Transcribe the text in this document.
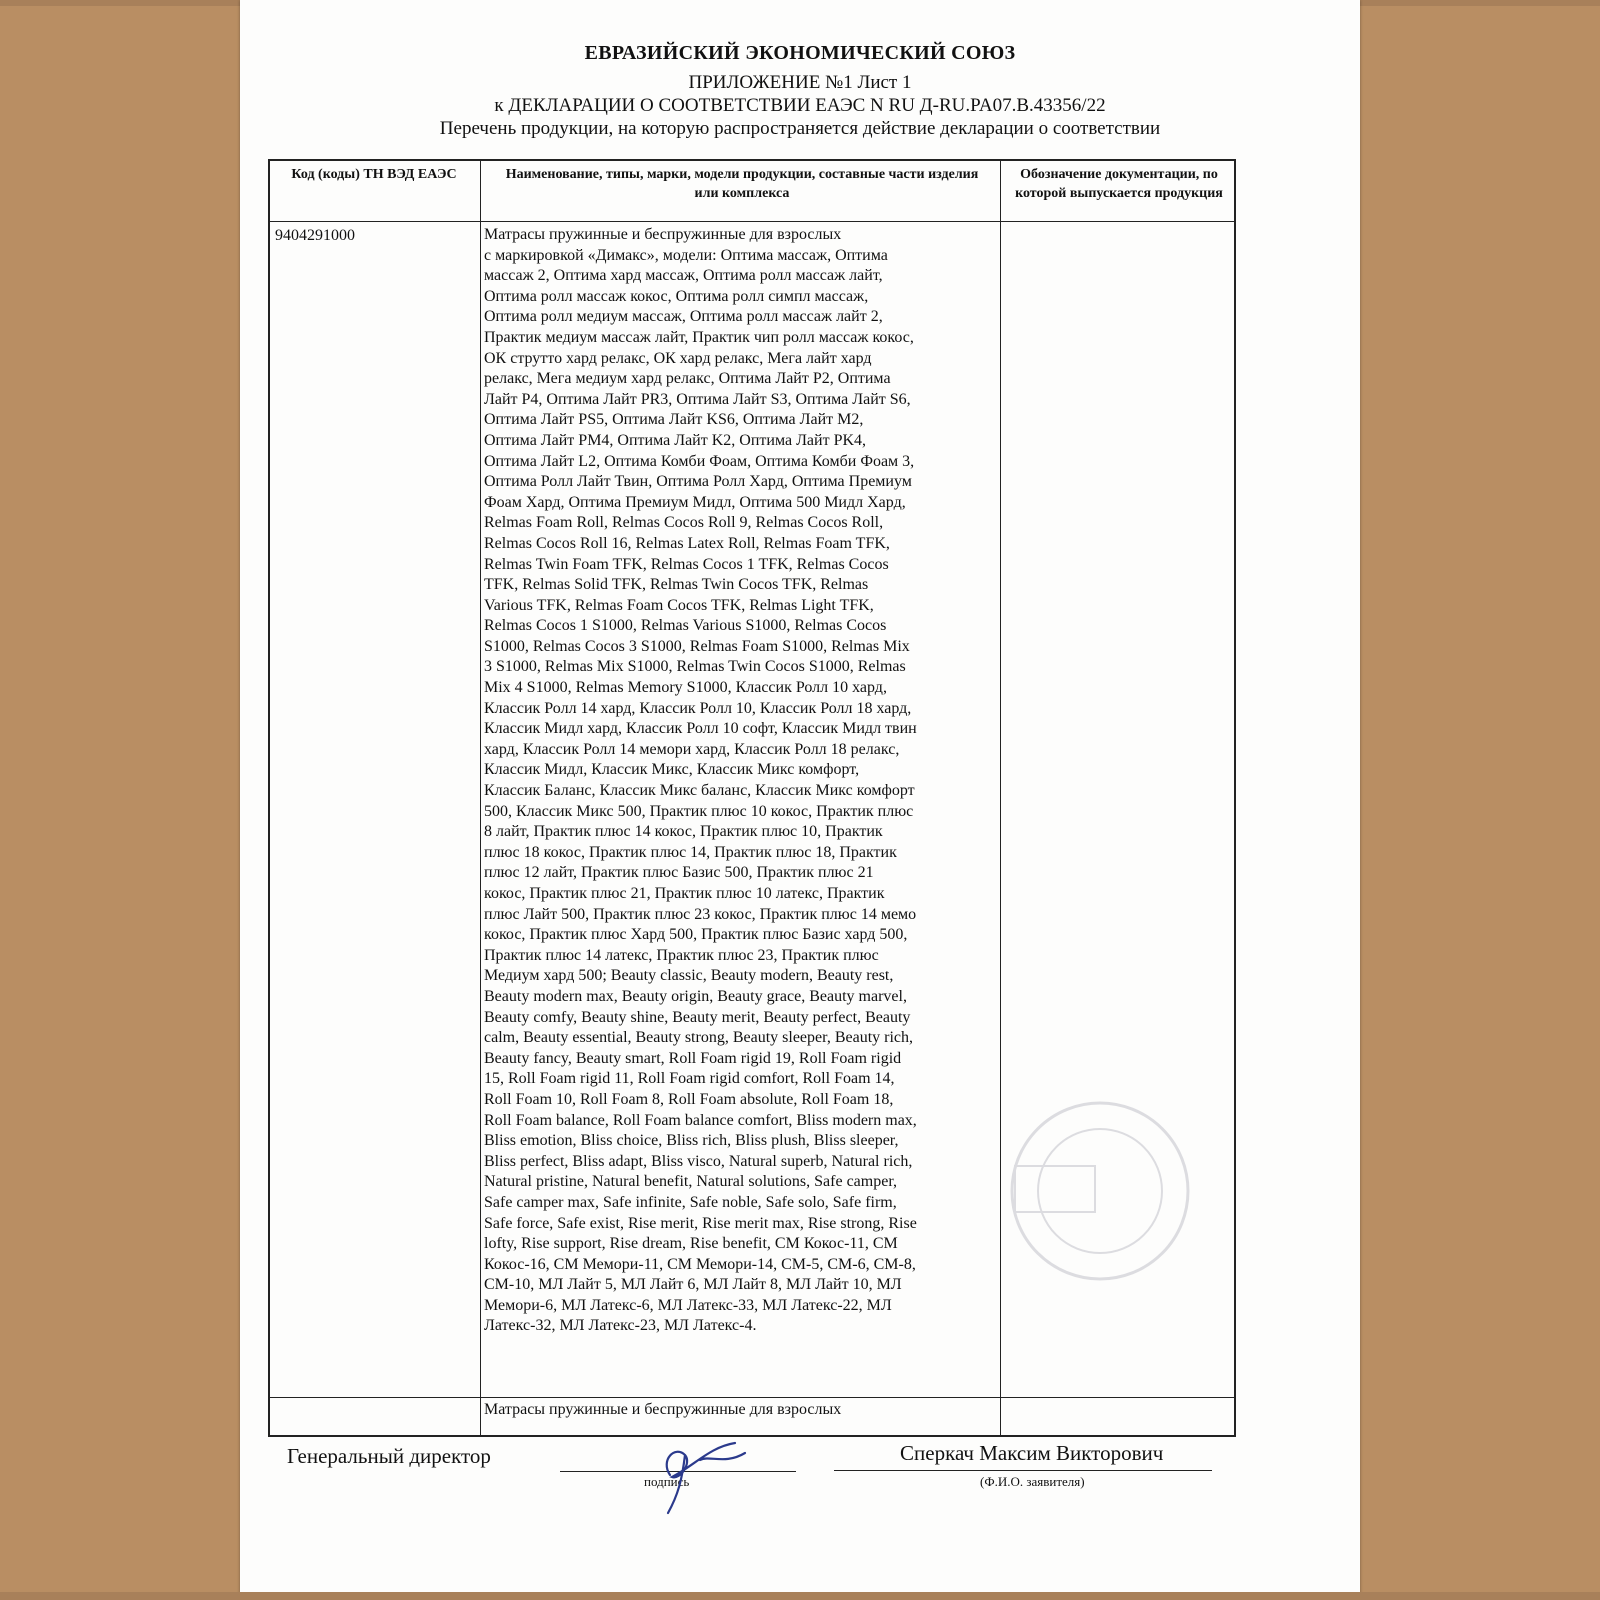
ЕВРАЗИЙСКИЙ ЭКОНОМИЧЕСКИЙ СОЮЗ
ПРИЛОЖЕНИЕ №1 Лист 1
к ДЕКЛАРАЦИИ О СООТВЕТСТВИИ ЕАЭС N RU Д-RU.PA07.B.43356/22
Перечень продукции, на которую распространяется действие декларации о соответствии
Код (коды) ТН ВЭД ЕАЭС	Наименование, типы, марки, модели продукции, составные части изделия или комплекса
Обозначение документации, по которой выпускается продукция
9404291000	Матрасы пружинные и беспружинные для взрослых
с маркировкой «Димакс», модели: Оптима массаж, Оптима
массаж 2, Оптима хард массаж, Оптима ролл массаж лайт,
Оптима ролл массаж кокос, Оптима ролл симпл массаж,
Оптима ролл медиум массаж, Оптима ролл массаж лайт 2,
Практик медиум массаж лайт, Практик чип ролл массаж кокос,
ОК струтто хард релакс, ОК хард релакс, Мега лайт хард
релакс, Мега медиум хард релакс, Оптима Лайт P2, Оптима
Лайт P4, Оптима Лайт PR3, Оптима Лайт S3, Оптима Лайт S6,
Оптима Лайт PS5, Оптима Лайт KS6, Оптима Лайт M2,
Оптима Лайт PM4, Оптима Лайт K2, Оптима Лайт PK4,
Оптима Лайт L2, Оптима Комби Фоам, Оптима Комби Фоам 3,
Оптима Ролл Лайт Твин, Оптима Ролл Хард, Оптима Премиум
Фоам Хард, Оптима Премиум Мидл, Оптима 500 Мидл Хард,
Relmas Foam Roll, Relmas Cocos Roll 9, Relmas Cocos Roll,
Relmas Cocos Roll 16, Relmas Latex Roll, Relmas Foam TFK,
Relmas Twin Foam TFK, Relmas Cocos 1 TFK, Relmas Cocos
TFK, Relmas Solid TFK, Relmas Twin Cocos TFK, Relmas
Various TFK, Relmas Foam Cocos TFK, Relmas Light TFK,
Relmas Cocos 1 S1000, Relmas Various S1000, Relmas Cocos
S1000, Relmas Cocos 3 S1000, Relmas Foam S1000, Relmas Mix
3 S1000, Relmas Mix S1000, Relmas Twin Cocos S1000, Relmas
Mix 4 S1000, Relmas Memory S1000, Классик Ролл 10 хард,
Классик Ролл 14 хард, Классик Ролл 10, Классик Ролл 18 хард,
Классик Мидл хард, Классик Ролл 10 софт, Классик Мидл твин
хард, Классик Ролл 14 мемори хард, Классик Ролл 18 релакс,
Классик Мидл, Классик Микс, Классик Микс комфорт,
Классик Баланс, Классик Микс баланс, Классик Микс комфорт
500, Классик Микс 500, Практик плюс 10 кокос, Практик плюс
8 лайт, Практик плюс 14 кокос, Практик плюс 10, Практик
плюс 18 кокос, Практик плюс 14, Практик плюс 18, Практик
плюс 12 лайт, Практик плюс Базис 500, Практик плюс 21
кокос, Практик плюс 21, Практик плюс 10 латекс, Практик
плюс Лайт 500, Практик плюс 23 кокос, Практик плюс 14 мемо
кокос, Практик плюс Хард 500, Практик плюс Базис хард 500,
Практик плюс 14 латекс, Практик плюс 23, Практик плюс
Медиум хард 500; Beauty classic, Beauty modern, Beauty rest,
Beauty modern max, Beauty origin, Beauty grace, Beauty marvel,
Beauty comfy, Beauty shine, Beauty merit, Beauty perfect, Beauty
calm, Beauty essential, Beauty strong, Beauty sleeper, Beauty rich,
Beauty fancy, Beauty smart, Roll Foam rigid 19, Roll Foam rigid
15, Roll Foam rigid 11, Roll Foam rigid comfort, Roll Foam 14,
Roll Foam 10, Roll Foam 8, Roll Foam absolute, Roll Foam 18,
Roll Foam balance, Roll Foam balance comfort, Bliss modern max,
Bliss emotion, Bliss choice, Bliss rich, Bliss plush, Bliss sleeper,
Bliss perfect, Bliss adapt, Bliss visco, Natural superb, Natural rich,
Natural pristine, Natural benefit, Natural solutions, Safe camper,
Safe camper max, Safe infinite, Safe noble, Safe solo, Safe firm,
Safe force, Safe exist, Rise merit, Rise merit max, Rise strong, Rise
lofty, Rise support, Rise dream, Rise benefit, СМ Кокос-11, СМ
Кокос-16, СМ Мемори-11, СМ Мемори-14, СМ-5, СМ-6, СМ-8,
СМ-10, МЛ Лайт 5, МЛ Лайт 6, МЛ Лайт 8, МЛ Лайт 10, МЛ
Мемори-6, МЛ Латекс-6, МЛ Латекс-33, МЛ Латекс-22, МЛ
Латекс-32, МЛ Латекс-23, МЛ Латекс-4.
Матрасы пружинные и беспружинные для взрослых
Генеральный директор
подпись
Сперкач Максим Викторович
(Ф.И.О. заявителя)
